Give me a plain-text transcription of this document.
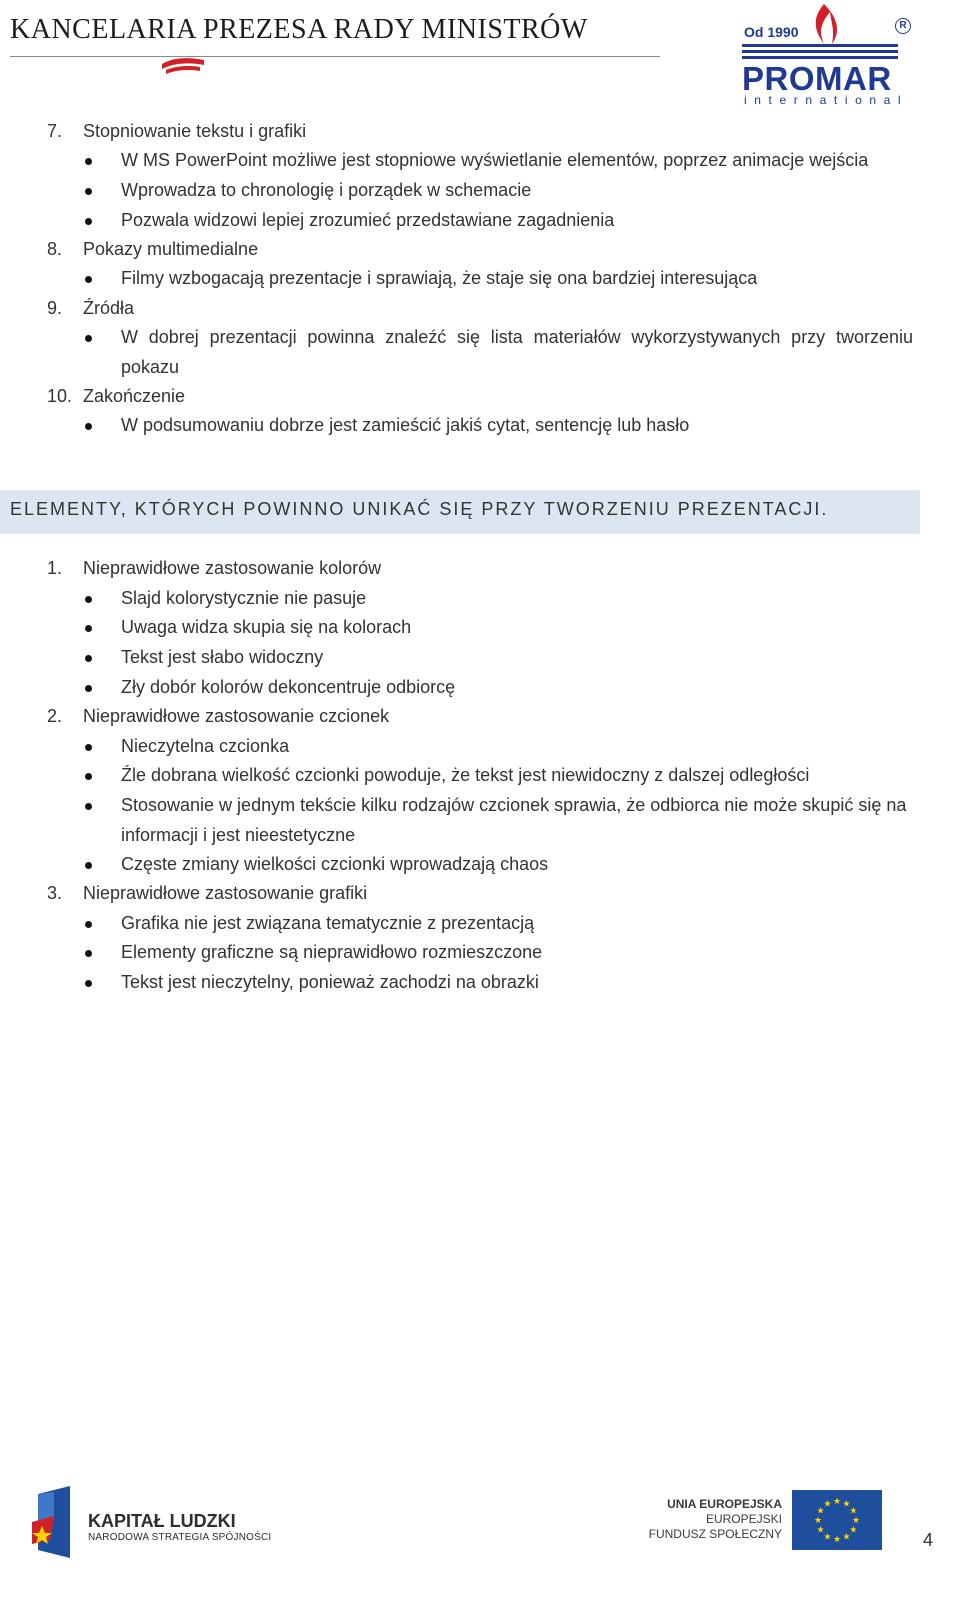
KANCELARIA PREZESA RADY MINISTRÓW	Od 1990	R
PROMAR
international
7. Stopniowanie tekstu i grafiki
W MS PowerPoint możliwe jest stopniowe wyświetlanie elementów, poprzez animacje wejścia
Wprowadza to chronologię i porządek w schemacie
Pozwala widzowi lepiej zrozumieć przedstawiane zagadnienia
8. Pokazy multimedialne
Filmy wzbogacają prezentacje i sprawiają, że staje się ona bardziej interesująca
9. Źródła
W dobrej prezentacji powinna znaleźć się lista materiałów wykorzystywanych przy tworzeniu pokazu
10. Zakończenie
W podsumowaniu dobrze jest zamieścić jakiś cytat, sentencję lub hasło
ELEMENTY, KTÓRYCH POWINNO UNIKAĆ SIĘ PRZY TWORZENIU PREZENTACJI.
1. Nieprawidłowe zastosowanie kolorów
Slajd kolorystycznie nie pasuje
Uwaga widza skupia się na kolorach
Tekst jest słabo widoczny
Zły dobór kolorów dekoncentruje odbiorcę
2. Nieprawidłowe zastosowanie czcionek
Nieczytelna czcionka
Źle dobrana wielkość czcionki powoduje, że tekst jest niewidoczny z dalszej odległości
Stosowanie w jednym tekście kilku rodzajów czcionek sprawia, że odbiorca nie może skupić się na informacji i jest nieestetyczne
Częste zmiany wielkości czcionki wprowadzają chaos
3. Nieprawidłowe zastosowanie grafiki
Grafika nie jest związana tematycznie z prezentacją
Elementy graficzne są nieprawidłowo rozmieszczone
Tekst jest nieczytelny, ponieważ zachodzi na obrazki
KAPITAŁ LUDZKI
NARODOWA STRATEGIA SPÓJNOŚCI
UNIA EUROPEJSKA
EUROPEJSKI
FUNDUSZ SPOŁECZNY
★ ★
★
★
★
★
★
★
★
★
★
★
4
